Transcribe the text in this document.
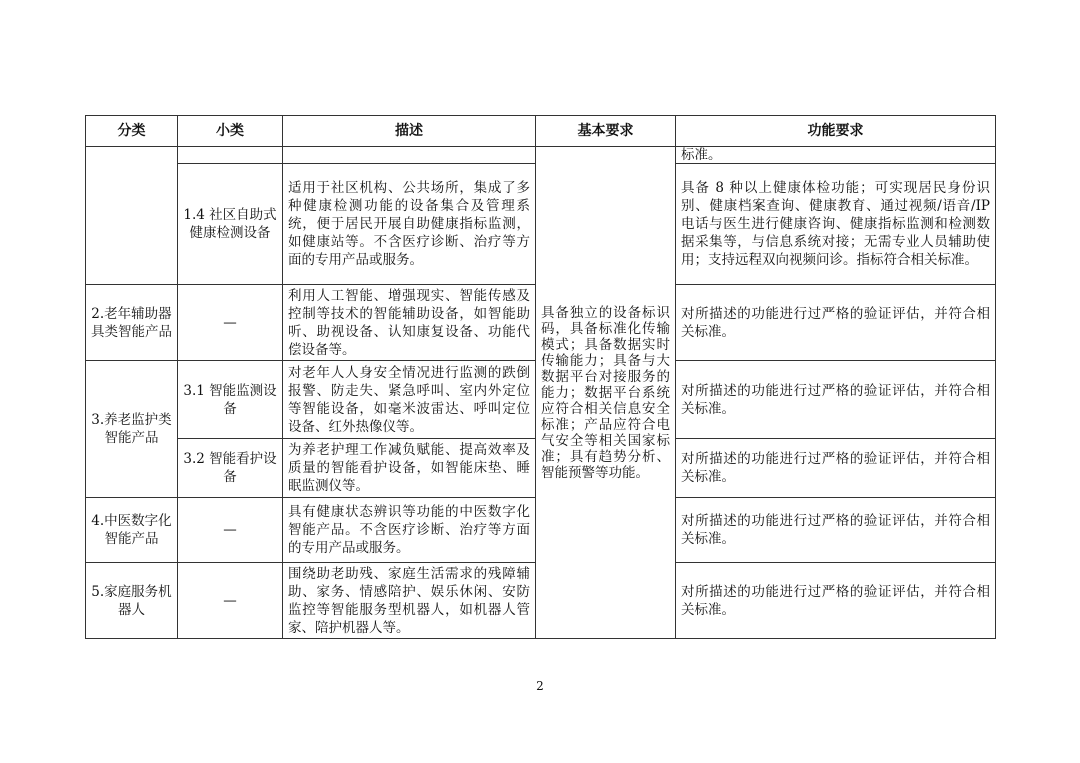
分类	小类	描述	基本要求	功能要求
			具备独立的设备标识码，具备标准化传输模式；具备数据实时传输能力；具备与大数据平台对接服务的能力；数据平台系统应符合相关信息安全标准；产品应符合电气安全等相关国家标准；具有趋势分析、智能预警等功能。	标准。
	1.4 社区自助式健康检测设备	适用于社区机构、公共场所，集成了多种健康检测功能的设备集合及管理系统，便于居民开展自助健康指标监测，如健康站等。不含医疗诊断、治疗等方面的专用产品或服务。		具备 8 种以上健康体检功能；可实现居民身份识别、健康档案查询、健康教育、通过视频/语音/IP 电话与医生进行健康咨询、健康指标监测和检测数据采集等，与信息系统对接；无需专业人员辅助使用；支持远程双向视频问诊。指标符合相关标准。
2.老年辅助器具类智能产品	—	利用人工智能、增强现实、智能传感及控制等技术的智能辅助设备，如智能助听、助视设备、认知康复设备、功能代偿设备等。		对所描述的功能进行过严格的验证评估，并符合相关标准。
3.养老监护类智能产品	3.1 智能监测设备	对老年人人身安全情况进行监测的跌倒报警、防走失、紧急呼叫、室内外定位等智能设备，如毫米波雷达、呼叫定位设备、红外热像仪等。		对所描述的功能进行过严格的验证评估，并符合相关标准。
	3.2 智能看护设备	为养老护理工作减负赋能、提高效率及质量的智能看护设备，如智能床垫、睡眠监测仪等。		对所描述的功能进行过严格的验证评估，并符合相关标准。
4.中医数字化智能产品	—	具有健康状态辨识等功能的中医数字化智能产品。不含医疗诊断、治疗等方面的专用产品或服务。		对所描述的功能进行过严格的验证评估，并符合相关标准。
5.家庭服务机器人	—	围绕助老助残、家庭生活需求的残障辅助、家务、情感陪护、娱乐休闲、安防监控等智能服务型机器人，如机器人管家、陪护机器人等。		对所描述的功能进行过严格的验证评估，并符合相关标准。
2
